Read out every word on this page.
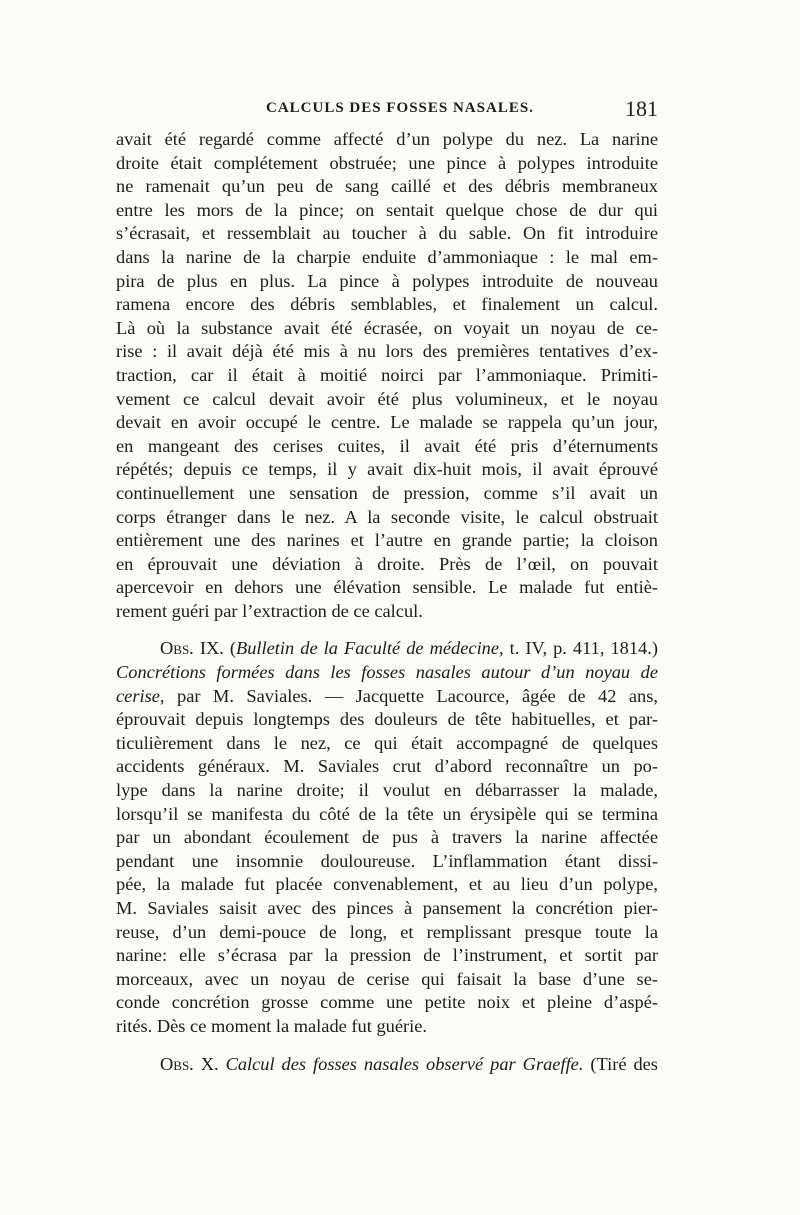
CALCULS DES FOSSES NASALES.	181
avait été regardé comme affecté d’un polype du nez. La narine
droite était complétement obstruée; une pince à polypes introduite
ne ramenait qu’un peu de sang caillé et des débris membraneux
entre les mors de la pince; on sentait quelque chose de dur qui
s’écrasait, et ressemblait au toucher à du sable. On fit introduire
dans la narine de la charpie enduite d’ammoniaque : le mal em-
pira de plus en plus. La pince à polypes introduite de nouveau
ramena encore des débris semblables, et finalement un calcul.
Là où la substance avait été écrasée, on voyait un noyau de ce-
rise : il avait déjà été mis à nu lors des premières tentatives d’ex-
traction, car il était à moitié noirci par l’ammoniaque. Primiti-
vement ce calcul devait avoir été plus volumineux, et le noyau
devait en avoir occupé le centre. Le malade se rappela qu’un jour,
en mangeant des cerises cuites, il avait été pris d’éternuments
répétés; depuis ce temps, il y avait dix-huit mois, il avait éprouvé
continuellement une sensation de pression, comme s’il avait un
corps étranger dans le nez. A la seconde visite, le calcul obstruait
entièrement une des narines et l’autre en grande partie; la cloison
en éprouvait une déviation à droite. Près de l’œil, on pouvait
apercevoir en dehors une élévation sensible. Le malade fut entiè-
rement guéri par l’extraction de ce calcul.
Obs. IX. (Bulletin de la Faculté de médecine, t. IV, p. 411, 1814.)
Concrétions formées dans les fosses nasales autour d’un noyau de
cerise, par M. Saviales. — Jacquette Lacource, âgée de 42 ans,
éprouvait depuis longtemps des douleurs de tête habituelles, et par-
ticulièrement dans le nez, ce qui était accompagné de quelques
accidents généraux. M. Saviales crut d’abord reconnaître un po-
lype dans la narine droite; il voulut en débarrasser la malade,
lorsqu’il se manifesta du côté de la tête un érysipèle qui se termina
par un abondant écoulement de pus à travers la narine affectée
pendant une insomnie douloureuse. L’inflammation étant dissi-
pée, la malade fut placée convenablement, et au lieu d’un polype,
M. Saviales saisit avec des pinces à pansement la concrétion pier-
reuse, d’un demi-pouce de long, et remplissant presque toute la
narine: elle s’écrasa par la pression de l’instrument, et sortit par
morceaux, avec un noyau de cerise qui faisait la base d’une se-
conde concrétion grosse comme une petite noix et pleine d’aspé-
rités. Dès ce moment la malade fut guérie.
Obs. X. Calcul des fosses nasales observé par Graeffe. (Tiré des
